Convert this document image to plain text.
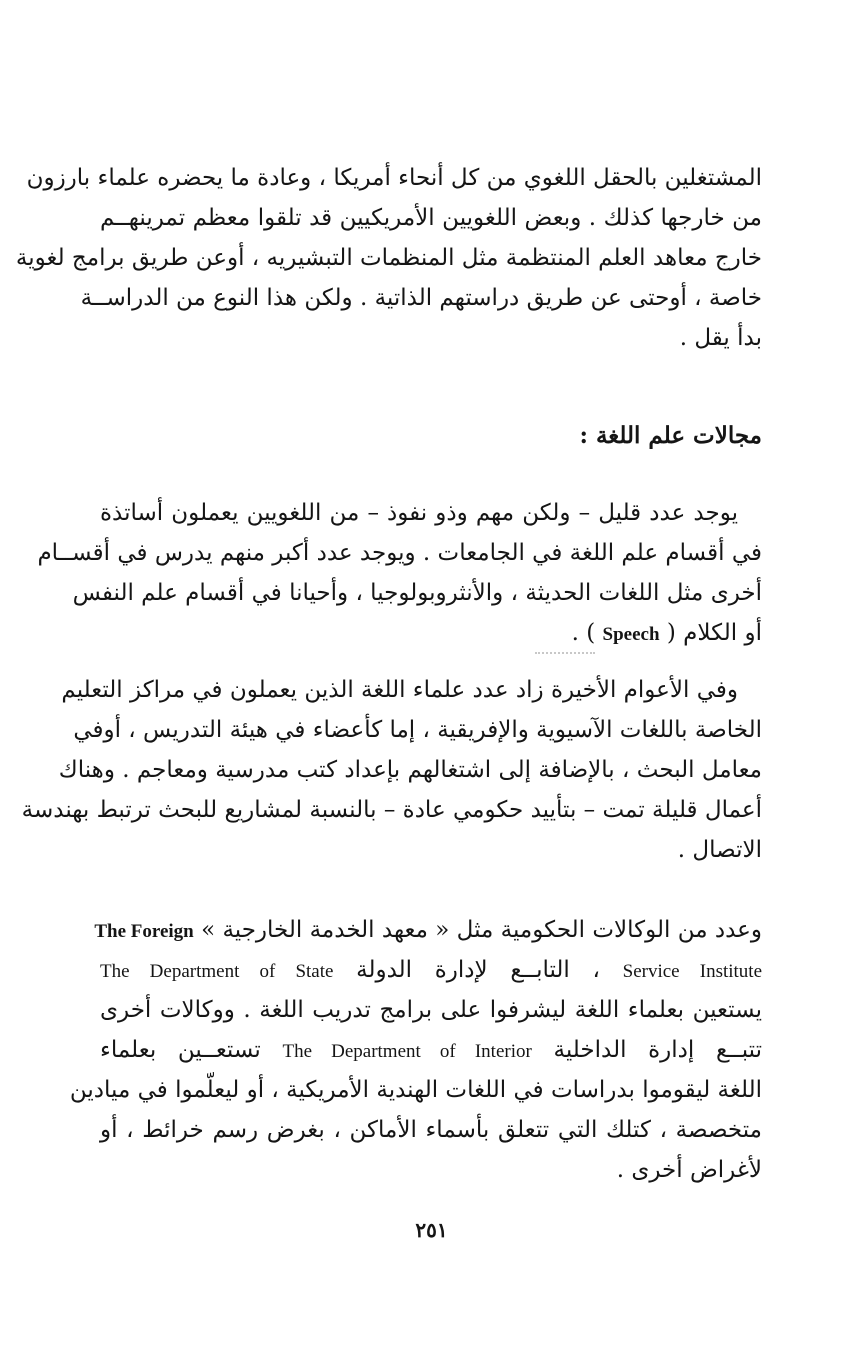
المشتغلين بالحقل اللغوي من كل أنحاء أمريكا ، وعادة ما يحضره علماء بارزون
من خارجها كذلك . وبعض اللغويين الأمريكيين قد تلقوا معظم تمرينهــم
خارج معاهد العلم المنتظمة مثل المنظمات التبشيريه ، أوعن طريق برامج لغوية
خاصة ، أوحتى عن طريق دراستهم الذاتية . ولكن هذا النوع من الدراســة
بدأ يقل .
مجالات علم اللغة :
يوجد عدد قليل – ولكن مهم وذو نفوذ – من اللغويين يعملون أساتذة
في أقسام علم اللغة في الجامعات . ويوجد عدد أكبر منهم يدرس في أقســام
أخرى مثل اللغات الحديثة ، والأنثروبولوجيا ، وأحيانا في أقسام علم النفس
أو الكلام ( Speech ) .
وفي الأعوام الأخيرة زاد عدد علماء اللغة الذين يعملون في مراكز التعليم
الخاصة باللغات الآسيوية والإفريقية ، إما كأعضاء في هيئة التدريس ، أوفي
معامل البحث ، بالإضافة إلى اشتغالهم بإعداد كتب مدرسية ومعاجم . وهناك
أعمال قليلة تمت – بتأييد حكومي عادة – بالنسبة لمشاريع للبحث ترتبط بهندسة
الاتصال .
وعدد من الوكالات الحكومية مثل « معهد الخدمة الخارجية » The Foreign
Service Institute ، التابــع لإدارة الدولة The Department of State
يستعين بعلماء اللغة ليشرفوا على برامج تدريب اللغة . ووكالات أخرى
تتبــع إدارة الداخلية The Department of Interior تستعــين بعلماء
اللغة ليقوموا بدراسات في اللغات الهندية الأمريكية ، أو ليعلّموا في ميادين
متخصصة ، كتلك التي تتعلق بأسماء الأماكن ، بغرض رسم خرائط ، أو
لأغراض أخرى .
٢٥١
